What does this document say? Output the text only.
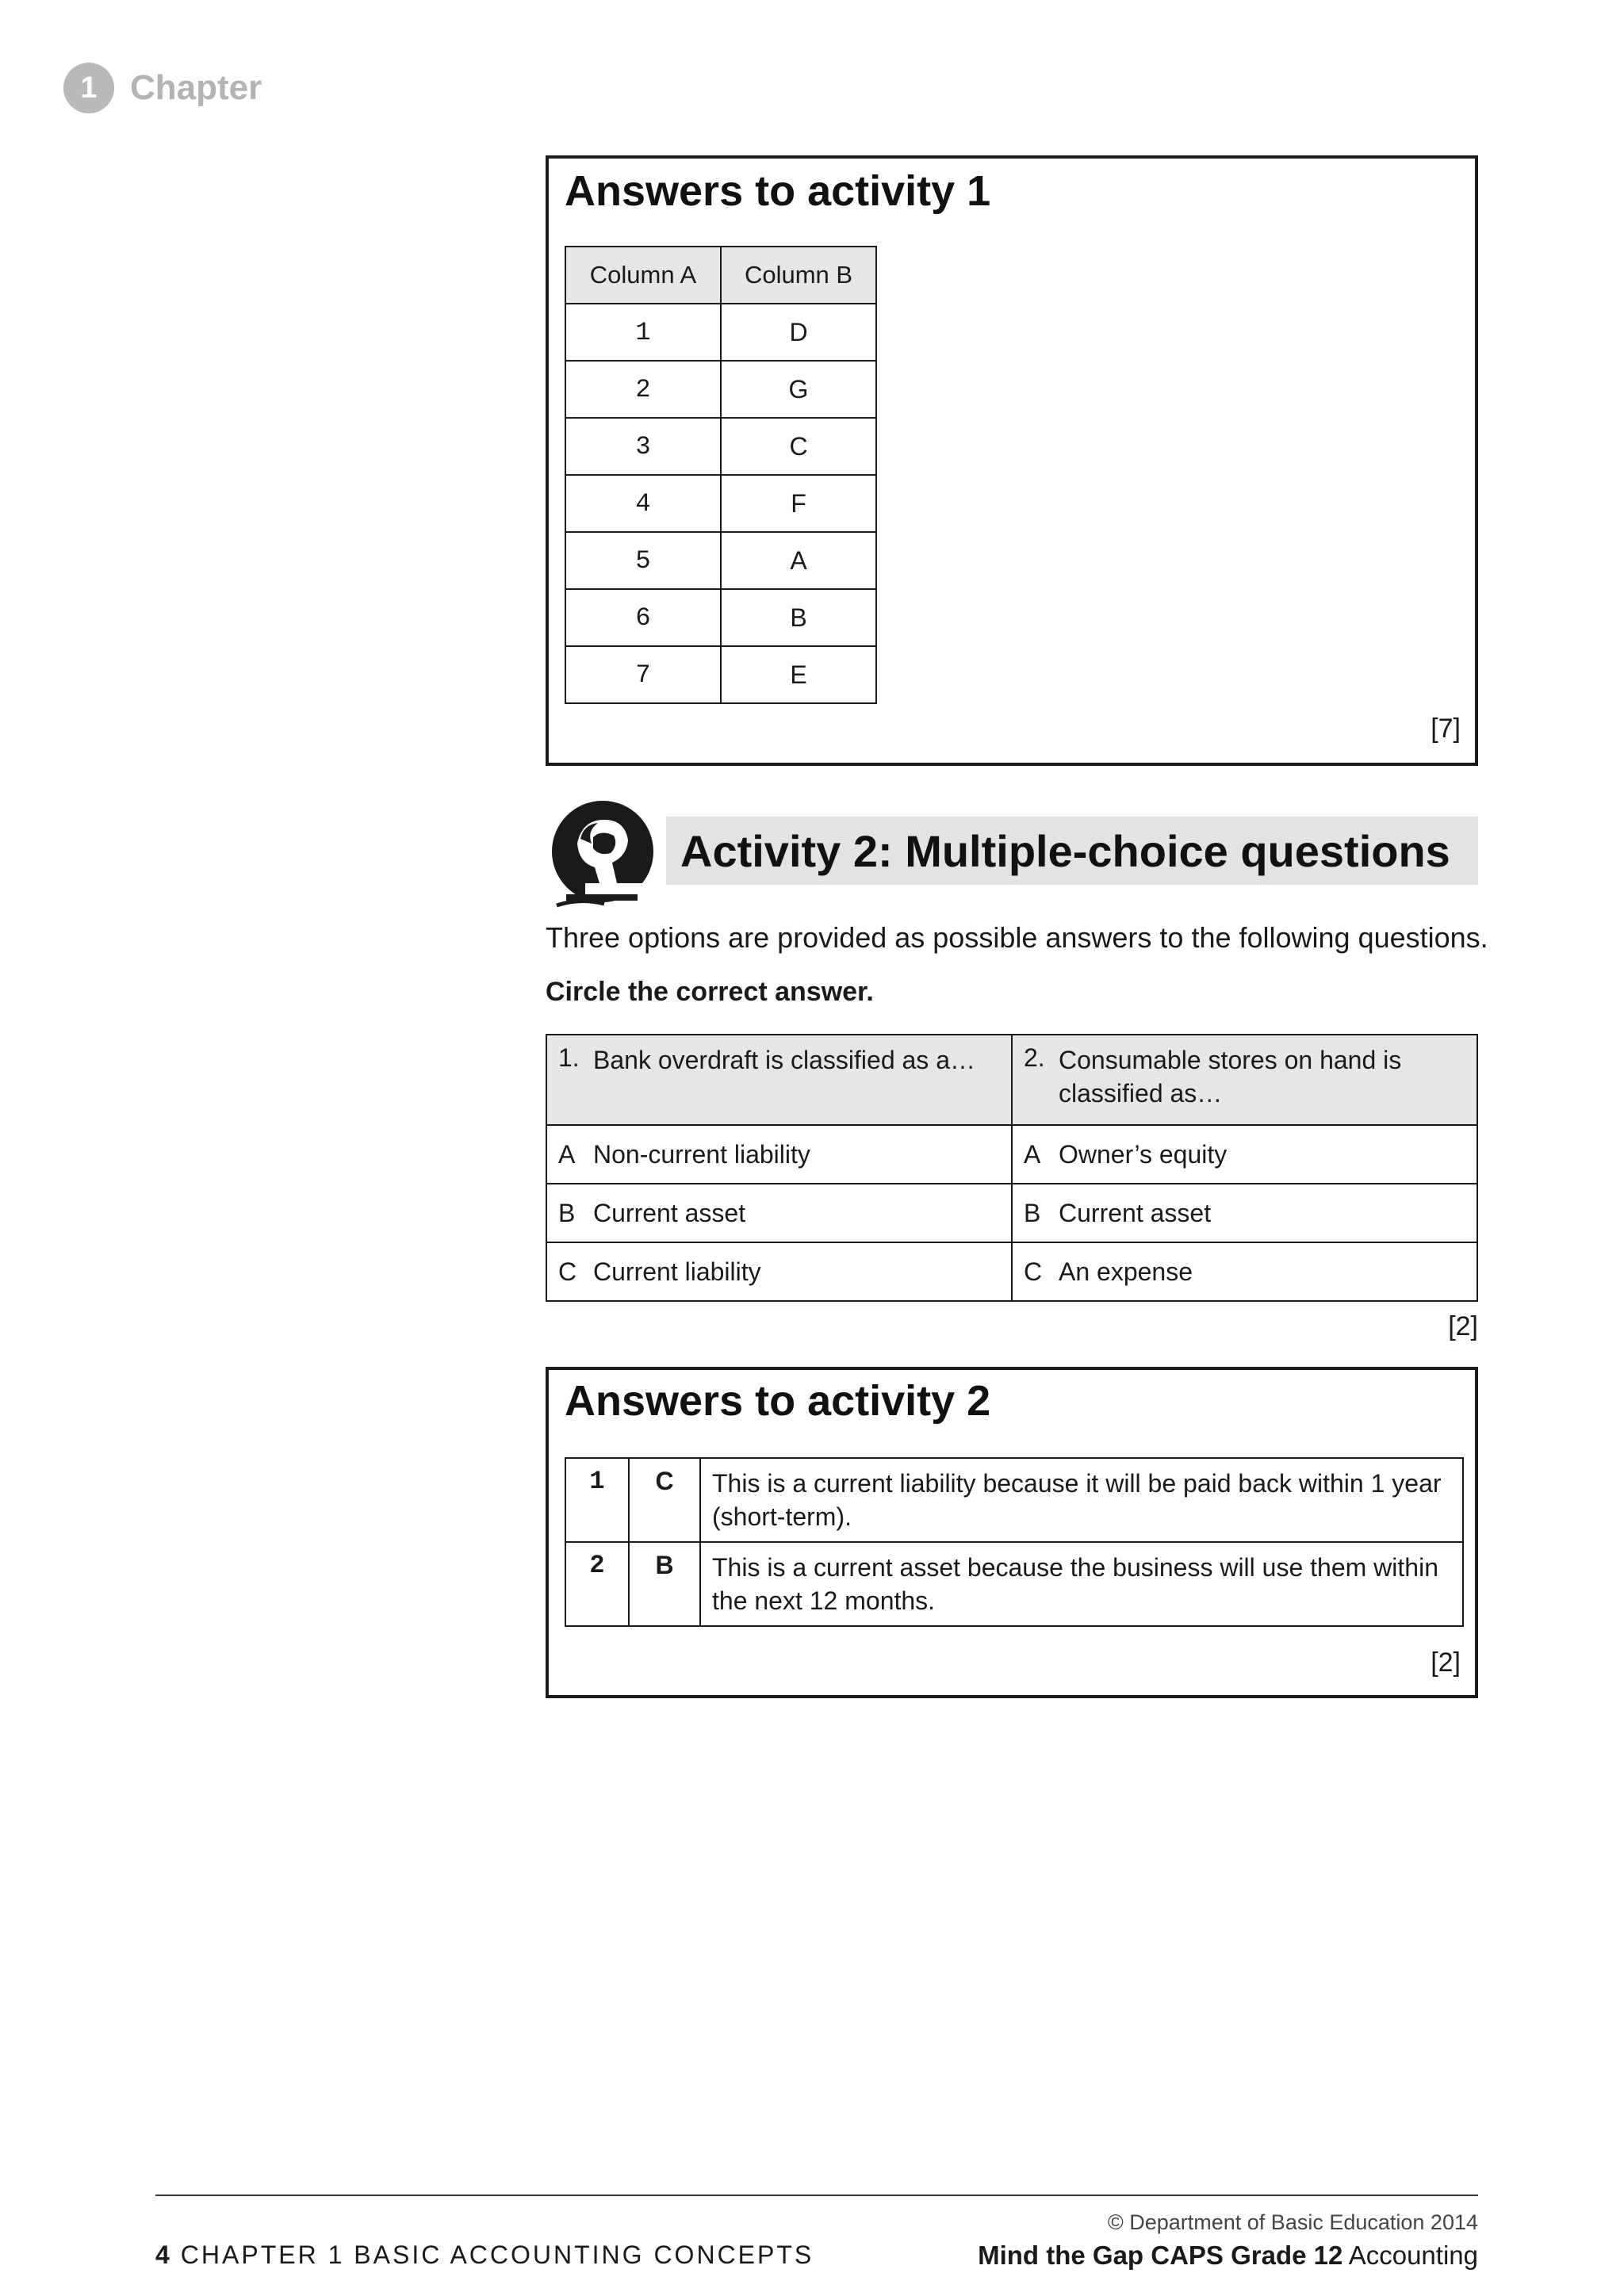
1 Chapter
Answers to activity 1
Column A	Column B
1	D
2	G
3	C
4	F
5	A
6	B
7	E
[7]
Activity 2: Multiple-choice questions
Three options are provided as possible answers to the following questions.
Circle the correct answer.
1. Bank overdraft is classified as a…	2. Consumable stores on hand is classified as…

A Non-current liability	A Owner’s equity

B Current asset	B Current asset

C Current liability	C An expense
[2]
Answers to activity 2
1	C	This is a current liability because it will be paid back within 1 year (short-term).
2	B	This is a current asset because the business will use them within the next 12 months.
[2]
4 CHAPTER 1 BASIC ACCOUNTING CONCEPTS
© Department of Basic Education 2014
Mind the Gap CAPS Grade 12 Accounting
